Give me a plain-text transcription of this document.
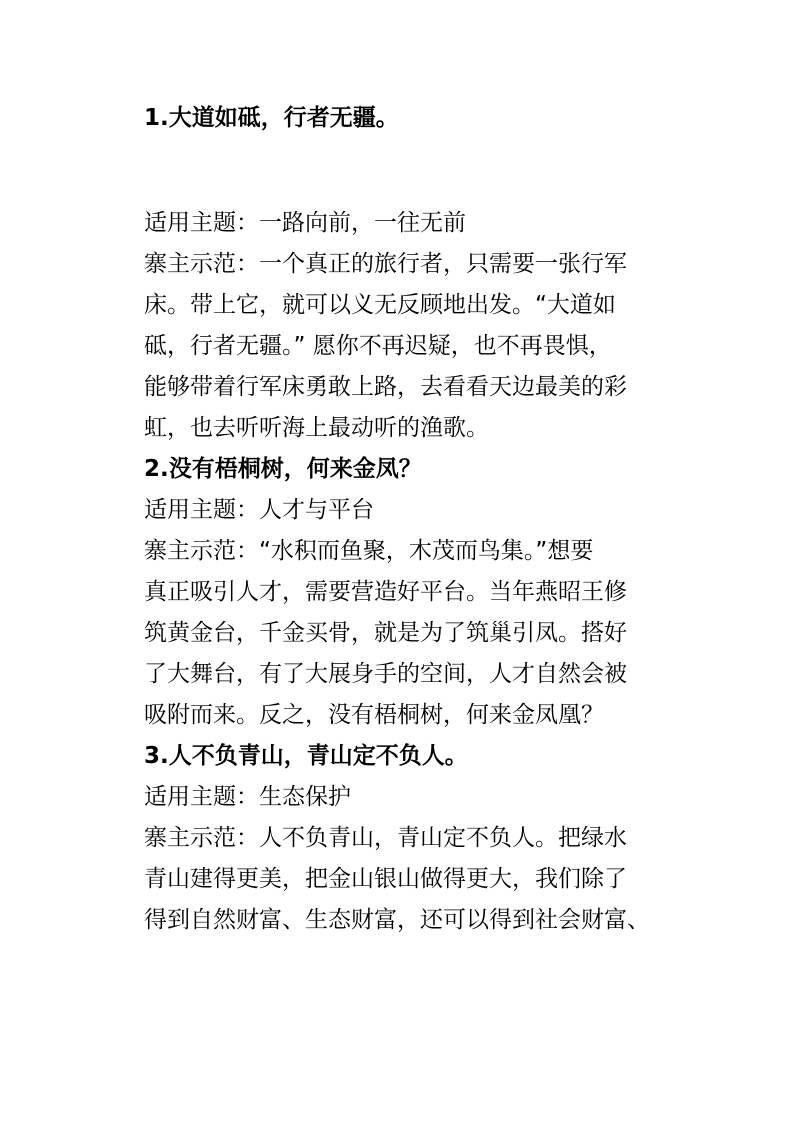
1.大道如砥，行者无疆。
适用主题：一路向前，一往无前
寨主示范：一个真正的旅行者，只需要一张行军
床。带上它，就可以义无反顾地出发。“大道如
砥，行者无疆。” 愿你不再迟疑，也不再畏惧，
能够带着行军床勇敢上路，去看看天边最美的彩
虹，也去听听海上最动听的渔歌。
2.没有梧桐树，何来金凤？
适用主题：人才与平台
寨主示范：“水积而鱼聚，木茂而鸟集。”想要
真正吸引人才，需要营造好平台。当年燕昭王修
筑黄金台，千金买骨，就是为了筑巢引凤。搭好
了大舞台，有了大展身手的空间，人才自然会被
吸附而来。反之，没有梧桐树，何来金凤凰？
3.人不负青山，青山定不负人。
适用主题：生态保护
寨主示范：人不负青山，青山定不负人。把绿水
青山建得更美，把金山银山做得更大，我们除了
得到自然财富、生态财富，还可以得到社会财富、
